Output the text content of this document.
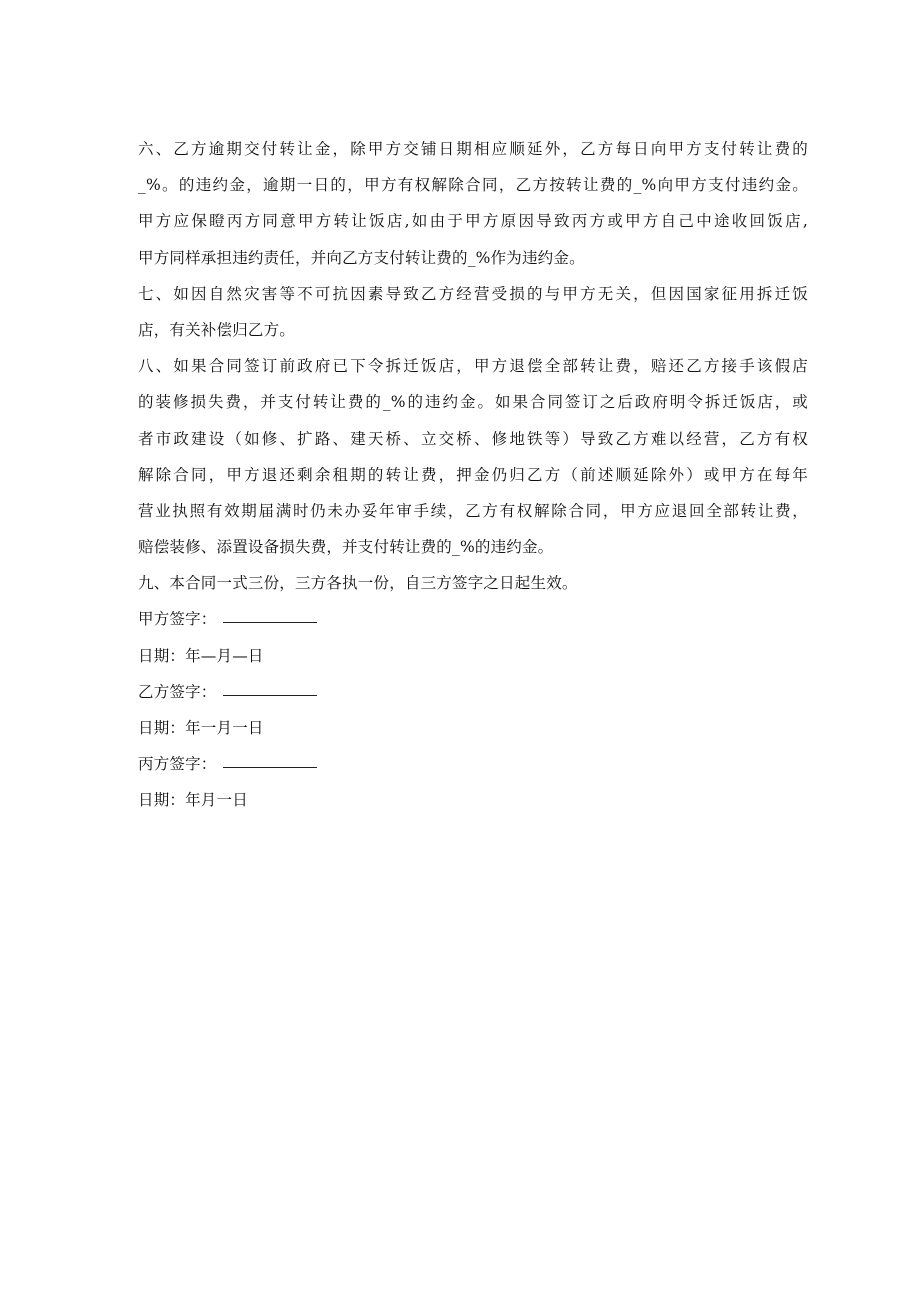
六、乙方逾期交付转让金，除甲方交铺日期相应顺延外，乙方每日向甲方支付转让费的
_%。的违约金，逾期一日的，甲方有权解除合同，乙方按转让费的_%向甲方支付违约金。
甲方应保瞪丙方同意甲方转让饭店,如由于甲方原因导致丙方或甲方自己中途收回饭店,
甲方同样承担违约责任，并向乙方支付转让费的_%作为违约金。
七、如因自然灾害等不可抗因素导致乙方经营受损的与甲方无关，但因国家征用拆迁饭
店，有关补偿归乙方。
八、如果合同签订前政府已下令拆迁饭店，甲方退偿全部转让费，赔还乙方接手该假店
的装修损失费，并支付转让费的_%的违约金。如果合同签订之后政府明令拆迁饭店，或
者市政建设（如修、扩路、建天桥、立交桥、修地铁等）导致乙方难以经营，乙方有权
解除合同，甲方退还剩余租期的转让费，押金仍归乙方（前述顺延除外）或甲方在每年
营业执照有效期届满时仍未办妥年审手续，乙方有权解除合同，甲方应退回全部转让费，
赔偿装修、添置设备损失费，并支付转让费的_%的违约金。
九、本合同一式三份，三方各执一份，自三方签字之日起生效。
甲方签字：
日期：年—月—日
乙方签字：
日期：年一月一日
丙方签字：
日期：年月一日
